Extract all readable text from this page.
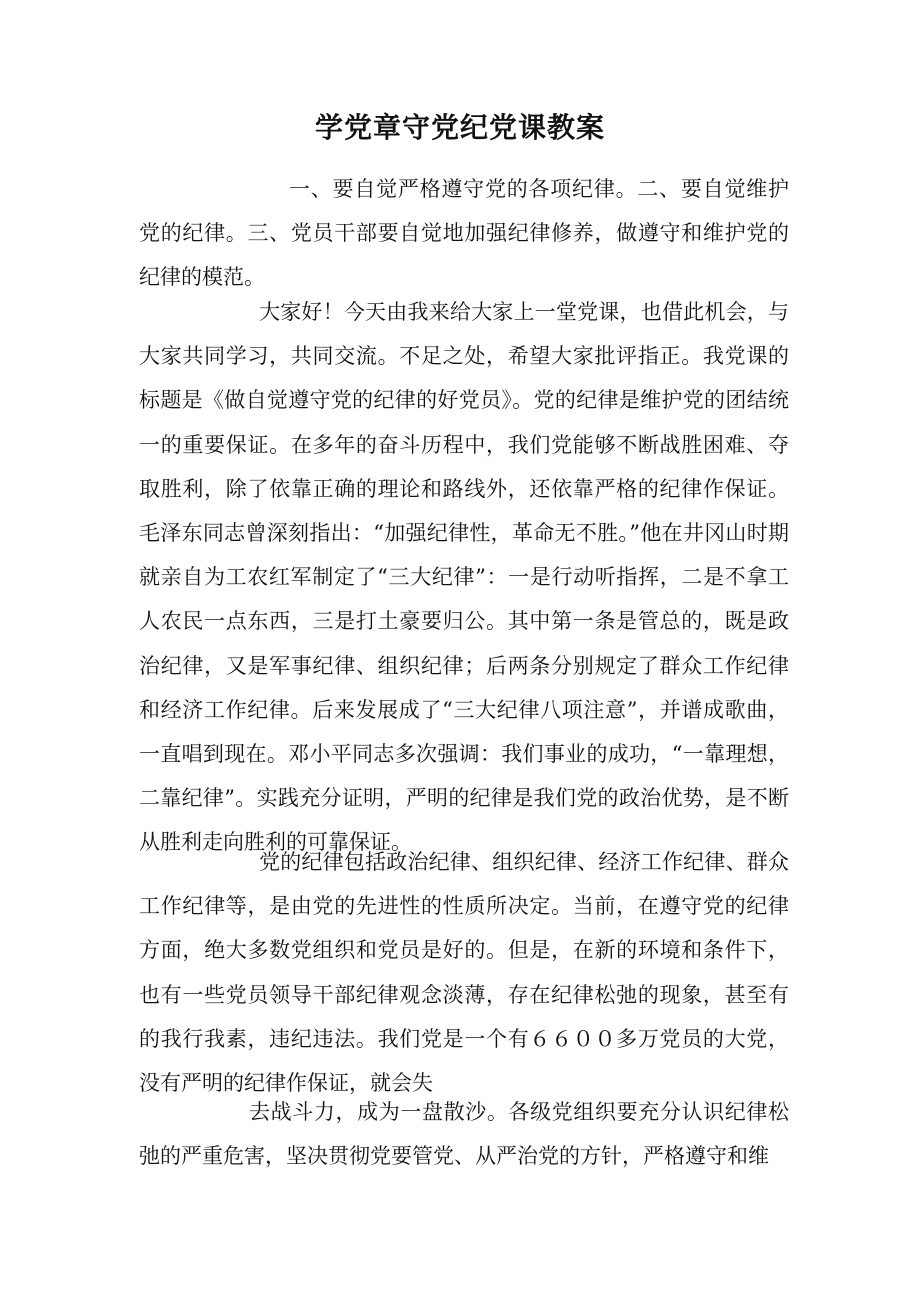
学党章守党纪党课教案

一、要自觉严格遵守党的各项纪律。二、要自觉维护党的纪律。三、党员干部要自觉地加强纪律修养，做遵守和维护党的纪律的模范。

大家好！今天由我来给大家上一堂党课，也借此机会，与大家共同学习，共同交流。不足之处，希望大家批评指正。我党课的标题是《做自觉遵守党的纪律的好党员》。党的纪律是维护党的团结统一的重要保证。在多年的奋斗历程中，我们党能够不断战胜困难、夺取胜利，除了依靠正确的理论和路线外，还依靠严格的纪律作保证。毛泽东同志曾深刻指出：“加强纪律性，革命无不胜。”他在井冈山时期就亲自为工农红军制定了“三大纪律”：一是行动听指挥，二是不拿工人农民一点东西，三是打土豪要归公。其中第一条是管总的，既是政治纪律，又是军事纪律、组织纪律；后两条分别规定了群众工作纪律和经济工作纪律。后来发展成了“三大纪律八项注意”，并谱成歌曲，一直唱到现在。邓小平同志多次强调：我们事业的成功，“一靠理想，二靠纪律”。实践充分证明，严明的纪律是我们党的政治优势，是不断从胜利走向胜利的可靠保证。

党的纪律包括政治纪律、组织纪律、经济工作纪律、群众工作纪律等，是由党的先进性的性质所决定。当前，在遵守党的纪律方面，绝大多数党组织和党员是好的。但是，在新的环境和条件下，也有一些党员领导干部纪律观念淡薄，存在纪律松弛的现象，甚至有的我行我素，违纪违法。我们党是一个有６６００多万党员的大党，没有严明的纪律作保证，就会失

去战斗力，成为一盘散沙。各级党组织要充分认识纪律松弛的严重危害，坚决贯彻党要管党、从严治党的方针，严格遵守和维
